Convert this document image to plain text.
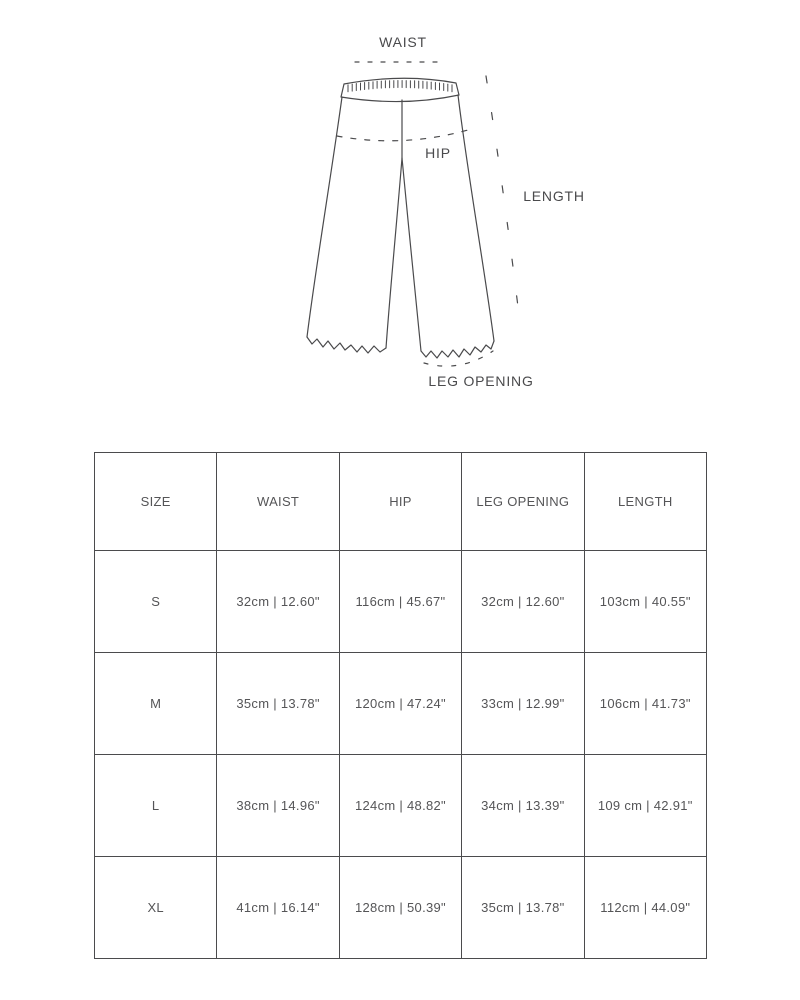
WAIST
HIP
LENGTH
LEG OPENING
SIZE	WAIST	HIP	LEG OPENING	LENGTH
S	32cm | 12.60"	116cm | 45.67"	32cm | 12.60"	103cm | 40.55"
M	35cm | 13.78"	120cm | 47.24"	33cm | 12.99"	106cm | 41.73"
L	38cm | 14.96"	124cm | 48.82"	34cm | 13.39"	109 cm | 42.91"
XL	41cm | 16.14"	128cm | 50.39"	35cm | 13.78"	112cm | 44.09"
